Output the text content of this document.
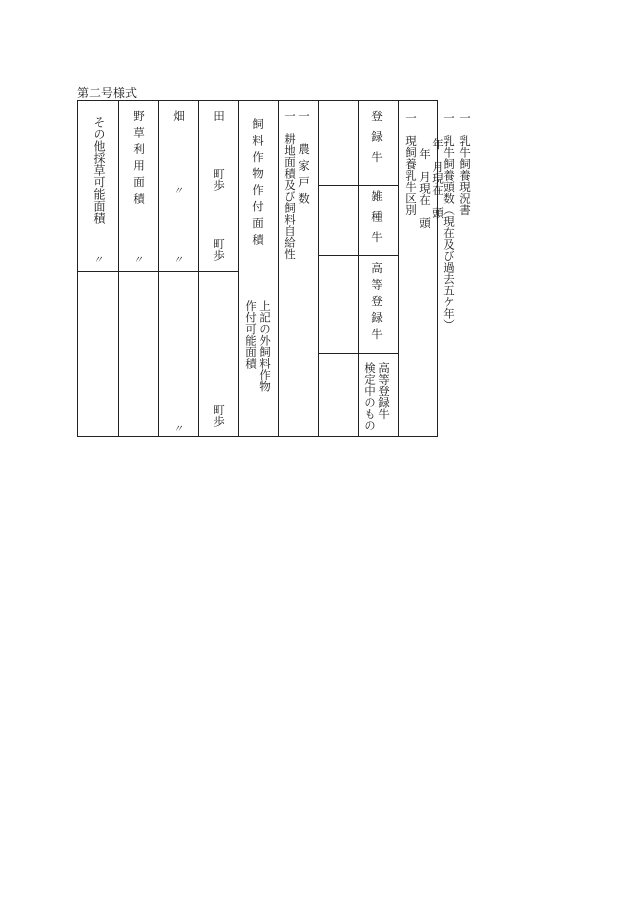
第二号様式
一　乳牛飼養現況書
一　乳牛飼養頭数（現在及び過去五ケ年）
年　月現在　頭
年　月現在　頭
一　現飼養乳牛区別
登録牛
雑種牛
高等登録牛
高等登録牛
検定中のもの
一　農家戸数
一　耕地面積及び飼料自給性
飼料作物作付面積
上記の外飼料作物
作付可能面積
田
町歩
町歩
町歩
畑
〃
〃
〃
野草利用面積
〃
その他採草可能面積
〃
